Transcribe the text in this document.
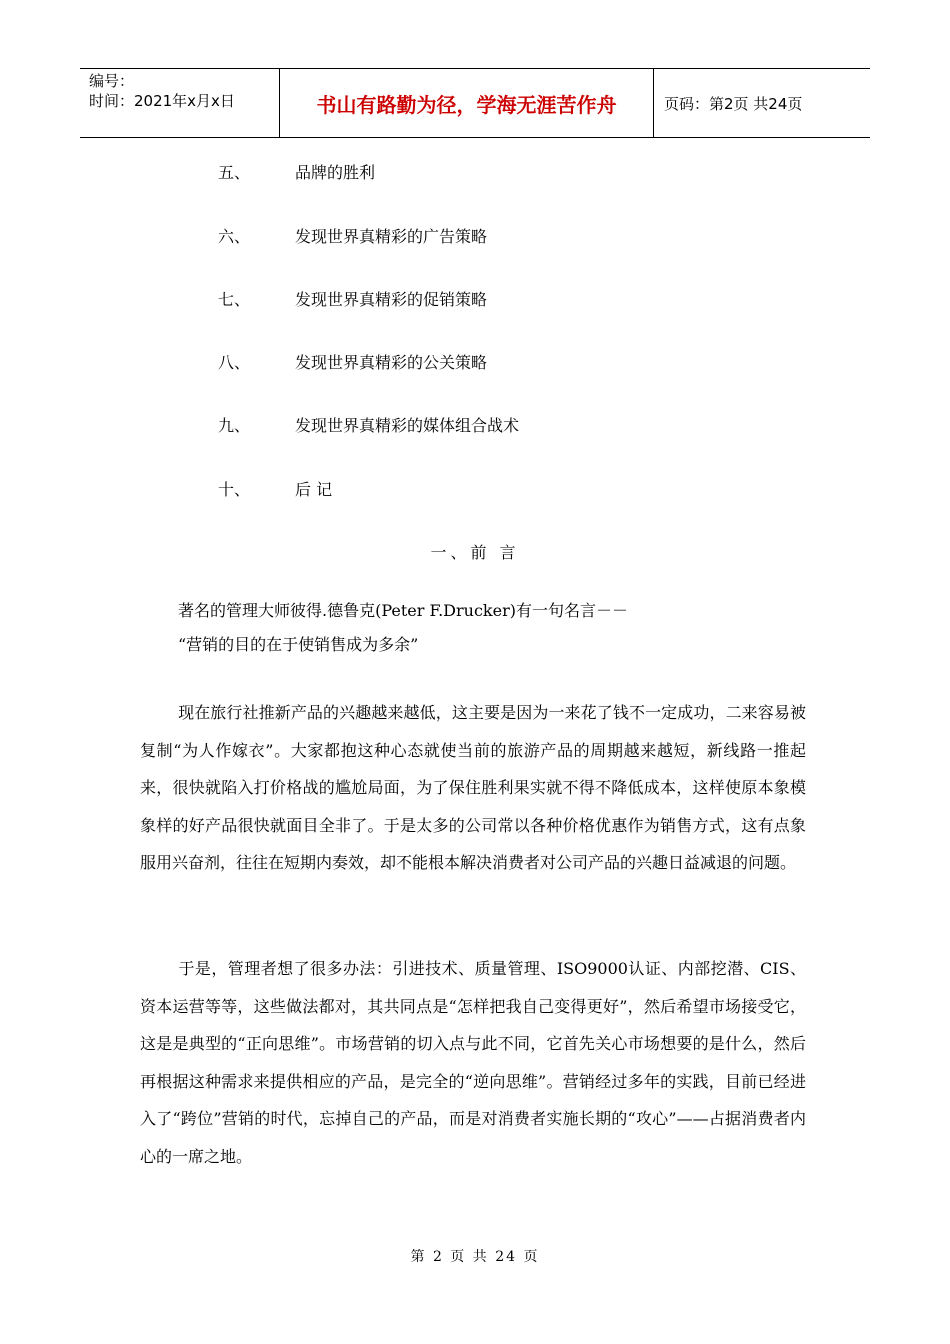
编号：
时间：2021年x月x日	书山有路勤为径，学海无涯苦作舟	页码：第2页 共24页
五、	品牌的胜利
六、	发现世界真精彩的广告策略
七、	发现世界真精彩的促销策略
八、	发现世界真精彩的公关策略
九、	发现世界真精彩的媒体组合战术
十、	后 记
一、前 言
著名的管理大师彼得.德鲁克(Peter F.Drucker)有一句名言－－
“营销的目的在于使销售成为多余”
现在旅行社推新产品的兴趣越来越低，这主要是因为一来花了钱不一定成功，二来容易被复制“为人作嫁衣”。大家都抱这种心态就使当前的旅游产品的周期越来越短，新线路一推起来，很快就陷入打价格战的尴尬局面，为了保住胜利果实就不得不降低成本，这样使原本象模象样的好产品很快就面目全非了。于是太多的公司常以各种价格优惠作为销售方式，这有点象服用兴奋剂，往往在短期内奏效，却不能根本解决消费者对公司产品的兴趣日益减退的问题。
于是，管理者想了很多办法：引进技术、质量管理、ISO9000认证、内部挖潜、CIS、资本运营等等，这些做法都对，其共同点是“怎样把我自己变得更好”，然后希望市场接受它，这是是典型的“正向思维”。市场营销的切入点与此不同，它首先关心市场想要的是什么，然后再根据这种需求来提供相应的产品，是完全的“逆向思维”。营销经过多年的实践，目前已经进入了“跨位”营销的时代，忘掉自己的产品，而是对消费者实施长期的“攻心”——占据消费者内心的一席之地。
第 2 页 共 24 页
